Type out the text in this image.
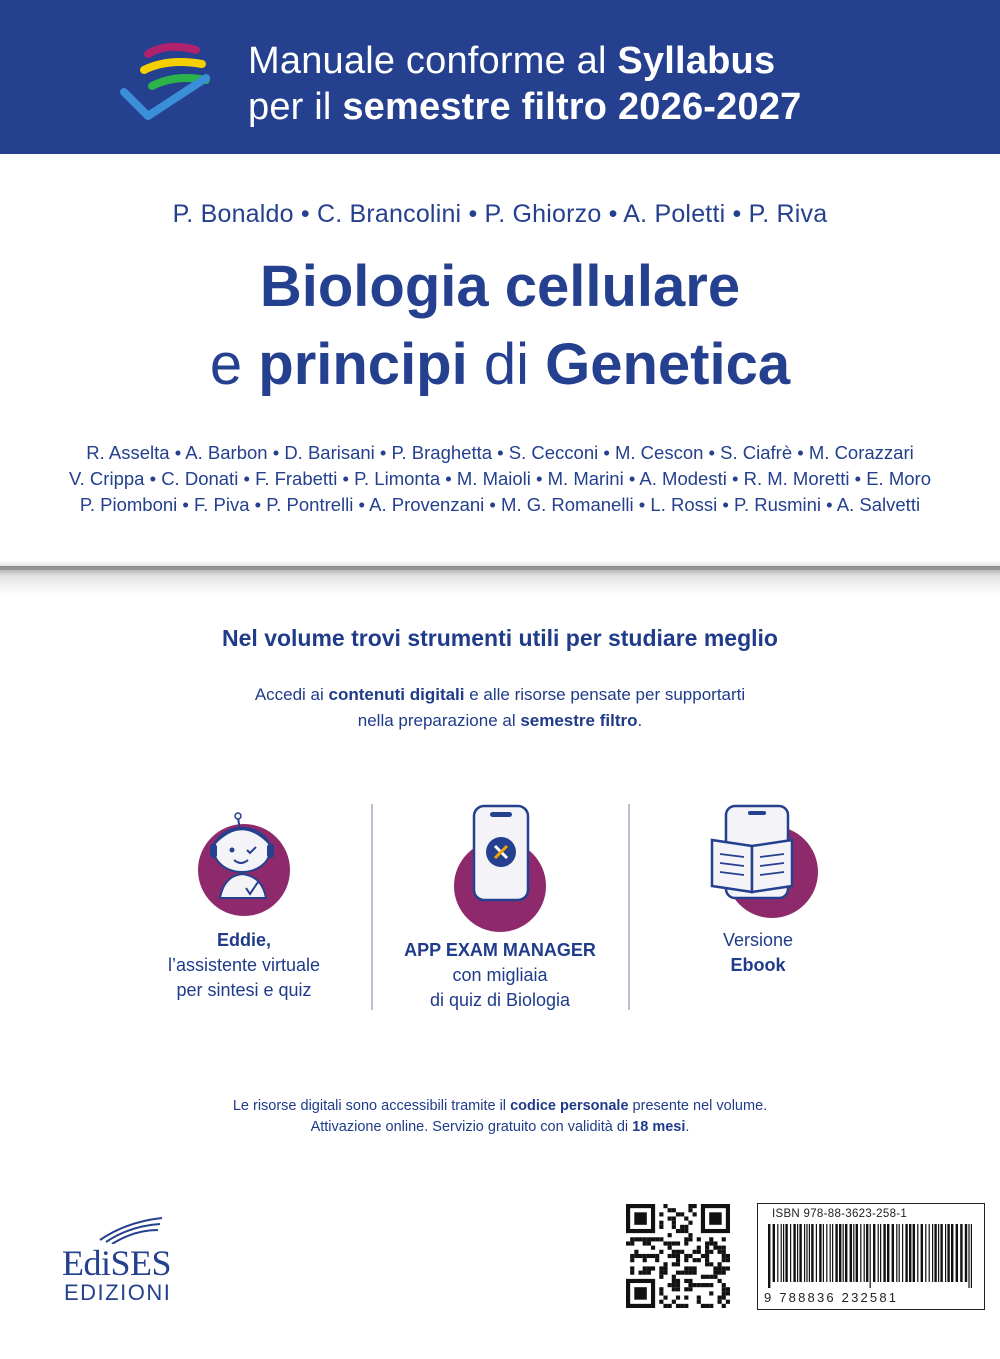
Manuale conforme al Syllabus
per il semestre filtro 2026-2027
P. Bonaldo • C. Brancolini • P. Ghiorzo • A. Poletti • P. Riva
Biologia cellulare
e principi di Genetica
R. Asselta • A. Barbon • D. Barisani • P. Braghetta • S. Cecconi • M. Cescon • S. Ciafrè • M. Corazzari
V. Crippa • C. Donati • F. Frabetti • P. Limonta • M. Maioli • M. Marini • A. Modesti • R. M. Moretti • E. Moro
P. Piomboni • F. Piva • P. Pontrelli • A. Provenzani • M. G. Romanelli • L. Rossi • P. Rusmini • A. Salvetti
Nel volume trovi strumenti utili per studiare meglio
Accedi ai contenuti digitali e alle risorse pensate per supportarti
nella preparazione al semestre filtro.
Eddie,
l’assistente virtuale
per sintesi e quiz
APP EXAM MANAGER
con migliaia
di quiz di Biologia
Versione
Ebook
Le risorse digitali sono accessibili tramite il codice personale presente nel volume.
Attivazione online. Servizio gratuito con validità di 18 mesi.
EdiSES
EDIZIONI
ISBN 978-88-3623-258-1
9 788836 232581
